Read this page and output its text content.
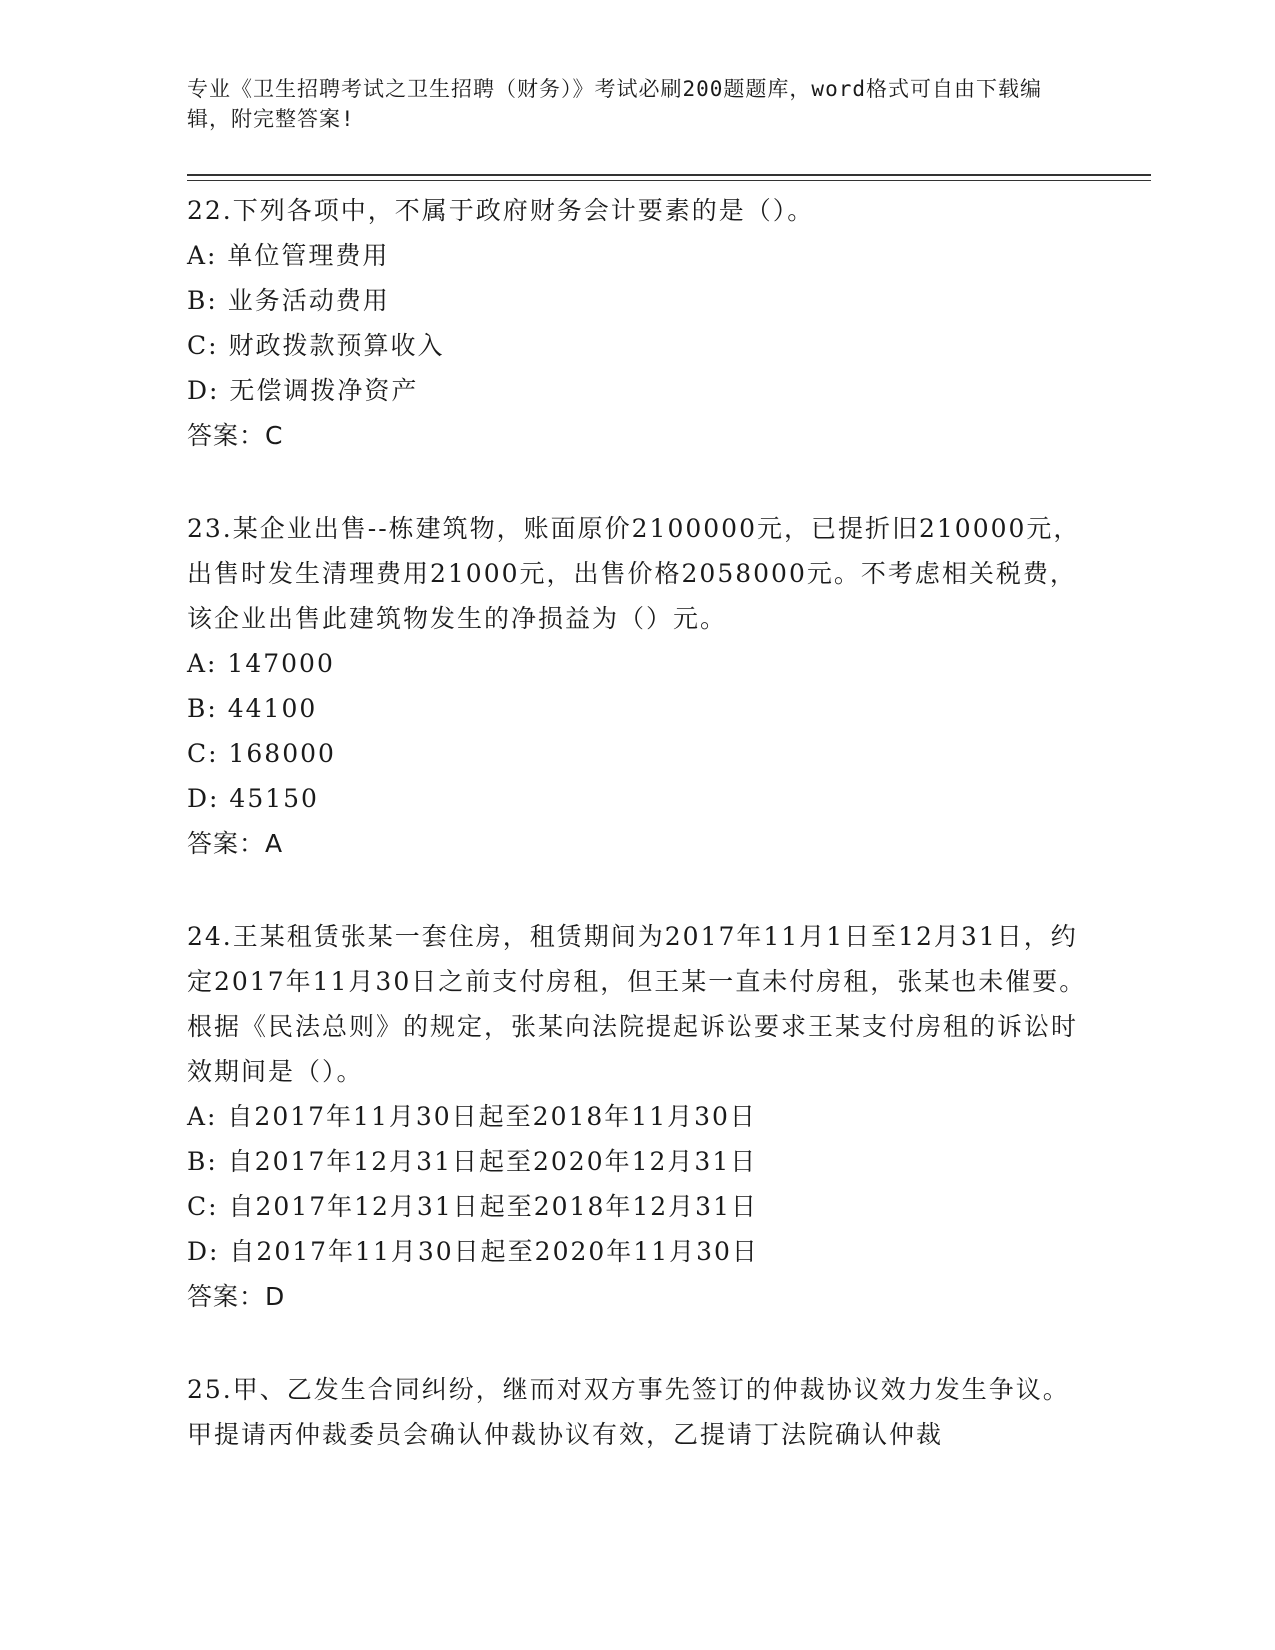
专业《卫生招聘考试之卫生招聘（财务）》考试必刷200题题库，word格式可自由下载编辑，附完整答案!

22.下列各项中，不属于政府财务会计要素的是（）。

A: 单位管理费用

B: 业务活动费用

C: 财政拨款预算收入

D: 无偿调拨净资产

答案：C

23.某企业出售--栋建筑物，账面原价2100000元，已提折旧210000元，出售时发生清理费用21000元，出售价格2058000元。不考虑相关税费，该企业出售此建筑物发生的净损益为（）元。

A: 147000

B: 44100

C: 168000

D: 45150

答案：A

24.王某租赁张某一套住房，租赁期间为2017年11月1日至12月31日，约定2017年11月30日之前支付房租，但王某一直未付房租，张某也未催要。根据《民法总则》的规定，张某向法院提起诉讼要求王某支付房租的诉讼时效期间是（）。

A: 自2017年11月30日起至2018年11月30日

B: 自2017年12月31日起至2020年12月31日

C: 自2017年12月31日起至2018年12月31日

D: 自2017年11月30日起至2020年11月30日

答案：D

25.甲、乙发生合同纠纷，继而对双方事先签订的仲裁协议效力发生争议。甲提请丙仲裁委员会确认仲裁协议有效，乙提请丁法院确认仲裁
